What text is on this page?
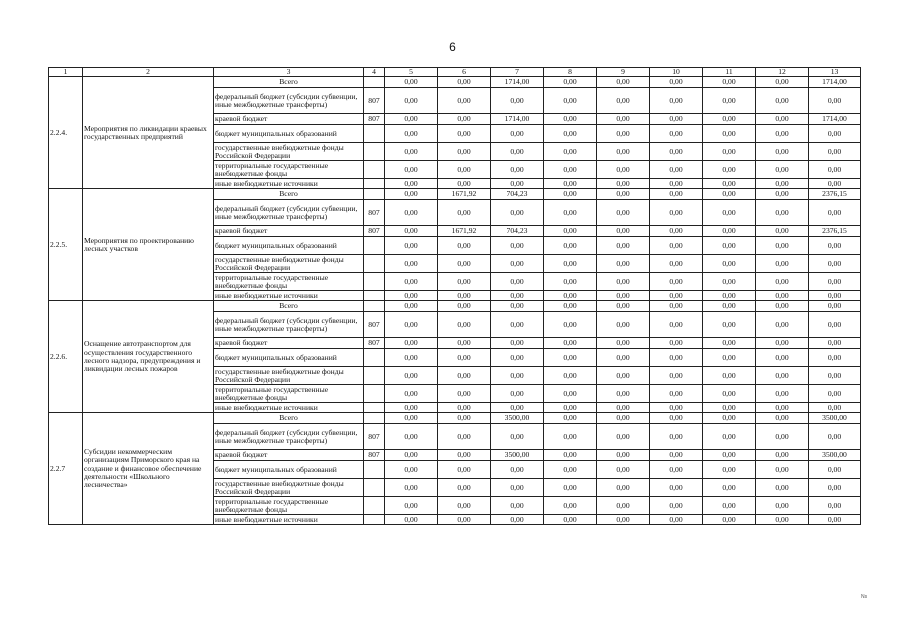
6
1	2	3	4	5	6	7	8	9	10	11	12	13
2.2.4.	Мероприятия по ликвидации краевых государственных предприятий	Всего		0,00	0,00	1714,00	0,00	0,00	0,00	0,00	0,00	1714,00
		федеральный бюджет (субсидии субвенции, иные межбюджетные трансферты)	807	0,00	0,00	0,00	0,00	0,00	0,00	0,00	0,00	0,00
		краевой бюджет	807	0,00	0,00	1714,00	0,00	0,00	0,00	0,00	0,00	1714,00
		бюджет муниципальных образований		0,00	0,00	0,00	0,00	0,00	0,00	0,00	0,00	0,00
		государственные внебюджетные фонды Российской Федерации		0,00	0,00	0,00	0,00	0,00	0,00	0,00	0,00	0,00
		территориальные государственные внебюджетные фонды		0,00	0,00	0,00	0,00	0,00	0,00	0,00	0,00	0,00
		иные внебюджетные источники		0,00	0,00	0,00	0,00	0,00	0,00	0,00	0,00	0,00
2.2.5.	Мероприятия по проектированию лесных участков	Всего		0,00	1671,92	704,23	0,00	0,00	0,00	0,00	0,00	2376,15
		федеральный бюджет (субсидии субвенции, иные межбюджетные трансферты)	807	0,00	0,00	0,00	0,00	0,00	0,00	0,00	0,00	0,00
		краевой бюджет	807	0,00	1671,92	704,23	0,00	0,00	0,00	0,00	0,00	2376,15
		бюджет муниципальных образований		0,00	0,00	0,00	0,00	0,00	0,00	0,00	0,00	0,00
		государственные внебюджетные фонды Российской Федерации		0,00	0,00	0,00	0,00	0,00	0,00	0,00	0,00	0,00
		территориальные государственные внебюджетные фонды		0,00	0,00	0,00	0,00	0,00	0,00	0,00	0,00	0,00
		иные внебюджетные источники		0,00	0,00	0,00	0,00	0,00	0,00	0,00	0,00	0,00
2.2.6.	Оснащение автотранспортом для осуществления государственного лесного надзора, предупреждения и ликвидации лесных пожаров	Всего		0,00	0,00	0,00	0,00	0,00	0,00	0,00	0,00	0,00
		федеральный бюджет (субсидии субвенции, иные межбюджетные трансферты)	807	0,00	0,00	0,00	0,00	0,00	0,00	0,00	0,00	0,00
		краевой бюджет	807	0,00	0,00	0,00	0,00	0,00	0,00	0,00	0,00	0,00
		бюджет муниципальных образований		0,00	0,00	0,00	0,00	0,00	0,00	0,00	0,00	0,00
		государственные внебюджетные фонды Российской Федерации		0,00	0,00	0,00	0,00	0,00	0,00	0,00	0,00	0,00
		территориальные государственные внебюджетные фонды		0,00	0,00	0,00	0,00	0,00	0,00	0,00	0,00	0,00
		иные внебюджетные источники		0,00	0,00	0,00	0,00	0,00	0,00	0,00	0,00	0,00
2.2.7	Субсидии некоммерческим организациям Приморского края на создание и финансовое обеспечение деятельности «Школьного лесничества»	Всего		0,00	0,00	3500,00	0,00	0,00	0,00	0,00	0,00	3500,00
		федеральный бюджет (субсидии субвенции, иные межбюджетные трансферты)	807	0,00	0,00	0,00	0,00	0,00	0,00	0,00	0,00	0,00
		краевой бюджет	807	0,00	0,00	3500,00	0,00	0,00	0,00	0,00	0,00	3500,00
		бюджет муниципальных образований		0,00	0,00	0,00	0,00	0,00	0,00	0,00	0,00	0,00
		государственные внебюджетные фонды Российской Федерации		0,00	0,00	0,00	0,00	0,00	0,00	0,00	0,00	0,00
		территориальные государственные внебюджетные фонды		0,00	0,00	0,00	0,00	0,00	0,00	0,00	0,00	0,00
		иные внебюджетные источники		0,00	0,00	0,00	0,00	0,00	0,00	0,00	0,00	0,00
Ns
